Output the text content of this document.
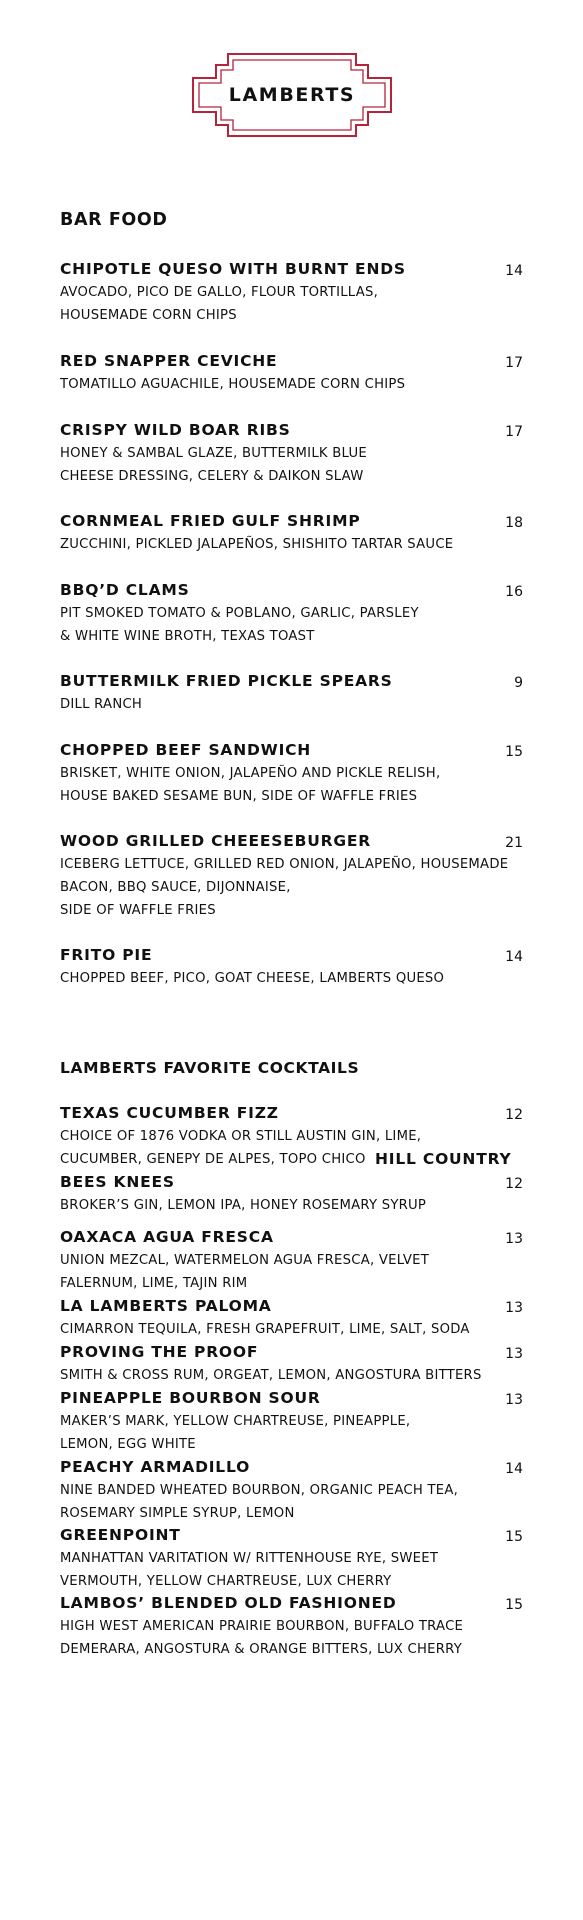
LAMBERTS
BAR FOOD
CHIPOTLE QUESO WITH BURNT ENDS	14
AVOCADO, PICO DE GALLO, FLOUR TORTILLAS,
HOUSEMADE CORN CHIPS
RED SNAPPER CEVICHE	17
TOMATILLO AGUACHILE, HOUSEMADE CORN CHIPS
CRISPY WILD BOAR RIBS	17
HONEY & SAMBAL GLAZE, BUTTERMILK BLUE
CHEESE DRESSING, CELERY & DAIKON SLAW
CORNMEAL FRIED GULF SHRIMP	18
ZUCCHINI, PICKLED JALAPEÑOS, SHISHITO TARTAR SAUCE
BBQ’D CLAMS	16
PIT SMOKED TOMATO & POBLANO, GARLIC, PARSLEY
& WHITE WINE BROTH, TEXAS TOAST
BUTTERMILK FRIED PICKLE SPEARS	9
DILL RANCH
CHOPPED BEEF SANDWICH	15
BRISKET, WHITE ONION, JALAPEÑO AND PICKLE RELISH,
HOUSE BAKED SESAME BUN, SIDE OF WAFFLE FRIES
WOOD GRILLED CHEEESEBURGER	21
ICEBERG LETTUCE, GRILLED RED ONION, JALAPEÑO, HOUSEMADE
BACON, BBQ SAUCE, DIJONNAISE,
SIDE OF WAFFLE FRIES
FRITO PIE	14
CHOPPED BEEF, PICO, GOAT CHEESE, LAMBERTS QUESO
LAMBERTS FAVORITE COCKTAILS
TEXAS CUCUMBER FIZZ	12
CHOICE OF 1876 VODKA OR STILL AUSTIN GIN, LIME,
CUCUMBER, GENEPY DE ALPES, TOPO CHICO HILL COUNTRY
BEES KNEES	12
BROKER’S GIN, LEMON IPA, HONEY ROSEMARY SYRUP
OAXACA AGUA FRESCA	13
UNION MEZCAL, WATERMELON AGUA FRESCA, VELVET
FALERNUM, LIME, TAJIN RIM
LA LAMBERTS PALOMA	13
CIMARRON TEQUILA, FRESH GRAPEFRUIT, LIME, SALT, SODA
PROVING THE PROOF	13
SMITH & CROSS RUM, ORGEAT, LEMON, ANGOSTURA BITTERS
PINEAPPLE BOURBON SOUR	13
MAKER’S MARK, YELLOW CHARTREUSE, PINEAPPLE,
LEMON, EGG WHITE
PEACHY ARMADILLO	14
NINE BANDED WHEATED BOURBON, ORGANIC PEACH TEA,
ROSEMARY SIMPLE SYRUP, LEMON
GREENPOINT	15
MANHATTAN VARITATION W/ RITTENHOUSE RYE, SWEET
VERMOUTH, YELLOW CHARTREUSE, LUX CHERRY
LAMBOS’ BLENDED OLD FASHIONED	15
HIGH WEST AMERICAN PRAIRIE BOURBON, BUFFALO TRACE
DEMERARA, ANGOSTURA & ORANGE BITTERS, LUX CHERRY
